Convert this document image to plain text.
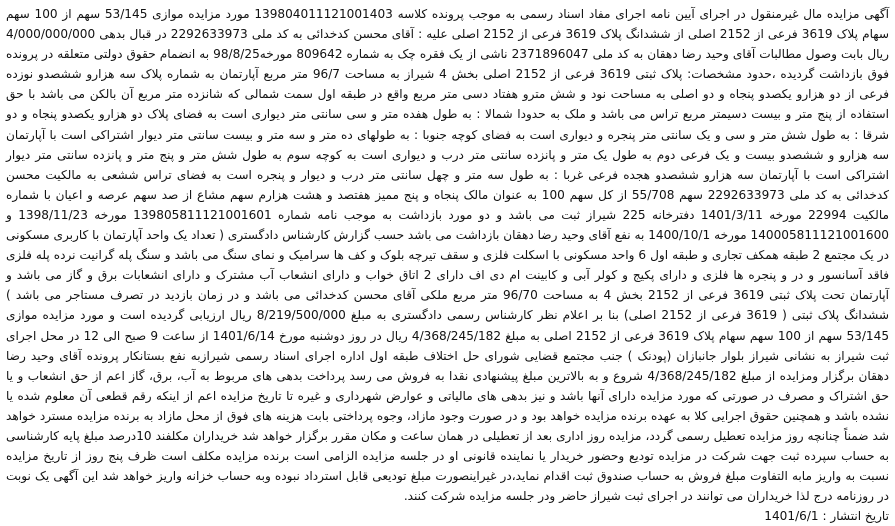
آگهی مزایده مال غیرمنقول در اجرای آیین نامه اجرای مفاد اسناد رسمی به موجب پرونده کلاسه 139804011121001403 مورد مزایده موازی 53/145 سهم از 100 سهم سهام پلاک 3619 فرعی از 2152 اصلی از ششدانگ پلاک 3619 فرعی از 2152 اصلی علیه : آقای محسن کدخدائی به کد ملی 2292633973 در قبال بدهی 4/000/000/000 ریال بابت وصول مطالبات آقای وحید رضا دهقان به کد ملی 2371896047 ناشی از یک فقره چک به شماره 809642 مورخه98/8/25 به انضمام حقوق دولتی متعلقه در پرونده فوق بازداشت گردیده ،حدود مشخصات: پلاک ثبتی 3619 فرعی از 2152 اصلی بخش 4 شیراز به مساحت 96/7 متر مربع آپارتمان به شماره پلاک سه هزارو ششصدو نوزده فرعی از دو هزارو یکصدو پنجاه و دو اصلی به مساحت نود و شش مترو هفتاد دسی متر مربع واقع در طبقه اول سمت شمالی که شانزده متر مربع آن بالکن می باشد با حق استفاده از پنج متر و بیست دسیمتر مربع تراس می باشد و ملک به حدودا شمالا : به طول هفده متر و سی سانتی متر دیواری است به فضای پلاک دو هزارو یکصدو پنجاه و دو شرقا : به طول شش متر و سی و یک سانتی متر پنجره و دیواری است به فضای کوچه جنوبا : به طولهای ده متر و سه متر و بیست سانتی متر دیوار اشتراکی است با آپارتمان سه هزارو و ششصدو بیست و یک فرعی دوم به طول یک متر و پانزده سانتی متر درب و دیواری است به کوچه سوم به طول شش متر و پنج متر و پانزده سانتی متر دیوار اشتراکی است با آپارتمان سه هزارو ششصدو هجده فرعی غربا : به طول سه متر و چهل سانتی متر درب و دیوار و پنجره است به فضای تراس ششعی به مالکیت محسن کدخدائی به کد ملی 2292633973 سهم 55/708 از کل سهم 100 به عنوان مالک پنجاه و پنج ممیز هفتصد و هشت هزارم سهم مشاع از صد سهم عرصه و اعیان با شماره مالکیت 22994 مورخه 1401/3/11 دفترخانه 225 شیراز ثبت می باشد و دو مورد بازداشت به موجب نامه شماره 139805811121001601 مورخه 1398/11/23 و 140005811121001600 مورخه 1400/10/1 به نفع آقای وحید رضا دهقان بازداشت می باشد حسب گزارش کارشناس دادگستری ( تعداد یک واحد آپارتمان با کاربری مسکونی در یک مجتمع 2 طبقه همکف تجاری و طبقه اول 6 واحد مسکونی با اسکلت فلزی و سقف تیرچه بلوک و کف ها سرامیک و نمای سنگ می باشد و سنگ پله گرانیت نرده پله فلزی فاقد آسانسور و در و پنجره ها فلزی و دارای پکیج و کولر آبی و کابینت ام دی اف دارای 2 اتاق خواب و دارای انشعاب آب مشترک و دارای انشعابات برق و گاز می باشد و آپارتمان تحت پلاک ثبتی 3619 فرعی از 2152 بخش 4 به مساحت 96/70 متر مربع ملکی آقای محسن کدخدائی می باشد و در زمان بازدید در تصرف مستاجر می باشد ) ششدانگ پلاک ثبتی ( 3619 فرعی از 2152 اصلی) بنا بر اعلام نظر کارشناس رسمی دادگستری به مبلغ 8/219/500/000 ریال ارزیابی گردیده است و مورد مزایده موازی 53/145 سهم از 100 سهم سهام پلاک 3619 فرعی از 2152 اصلی به مبلغ 4/368/245/182 ریال در روز دوشنبه مورخ 1401/6/14 از ساعت 9 صبح الی 12 در محل اجرای ثبت شیراز به نشانی شیراز بلوار جانبازان (پودنک ) جنب مجتمع قضایی شورای حل اختلاف طبقه اول اداره اجرای اسناد رسمی شیرازبه نفع بستانکار پرونده آقای وحید رضا دهقان برگزار ومزایده از مبلغ 4/368/245/182 شروع و به بالاترین مبلغ پیشنهادی نقدا به فروش می رسد پرداخت بدهی های مربوط به آب، برق، گاز اعم از حق انشعاب و یا حق اشتراک و مصرف در صورتی که مورد مزایده دارای آنها باشد و نیز بدهی های مالیاتی و عوارض شهرداری و غیره تا تاریخ مزایده اعم از اینکه رقم قطعی آن معلوم شده یا نشده باشد و همچنین حقوق اجرایی کلا به عهده برنده مزایده خواهد بود و در صورت وجود مازاد، وجوه پرداختی بابت هزینه های فوق از محل مازاد به برنده مزایده مسترد خواهد شد ضمناً چنانچه روز مزایده تعطیل رسمی گردد، مزایده روز اداری بعد از تعطیلی در همان ساعت و مکان مقرر برگزار خواهد شد خریداران مکلفند 10درصد مبلغ پایه کارشناسی به حساب سپرده ثبت جهت شرکت در مزایده تودیع وحضور خریدار یا نماینده قانونی او در جلسه مزایده الزامی است برنده مزایده مکلف است ظرف پنج روز از تاریخ مزایده نسبت به واریز مابه التفاوت مبلغ فروش به حساب صندوق ثبت اقدام نماید،در غیراینصورت مبلغ تودیعی قابل استرداد نبوده وبه حساب خزانه واریز خواهد شد این آگهی یک نوبت در روزنامه درج لذا خریداران می توانند در اجرای ثبت شیراز حاضر ودر جلسه مزایده شرکت کنند.

تاریخ انتشار : 1401/6/1
